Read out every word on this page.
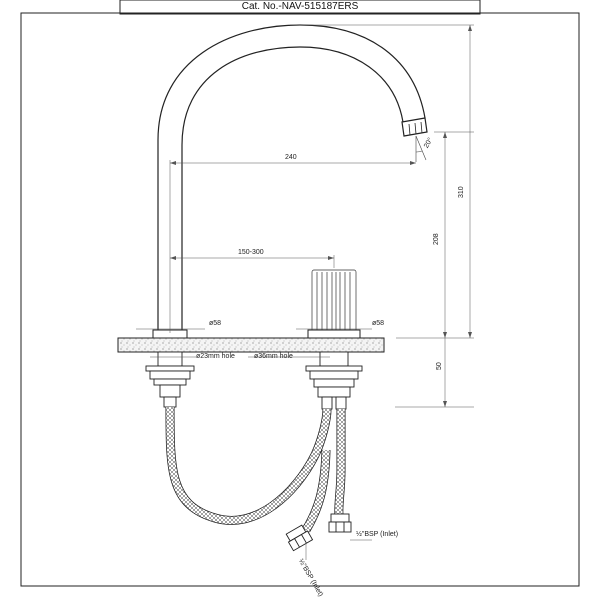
Cat. No.-NAV-515187ERS
240
150-300
ø58	ø58
ø23mm hole	ø36mm hole
310
208
50
20°
½"BSP (Inlet)
½"BSP (Inlet)
